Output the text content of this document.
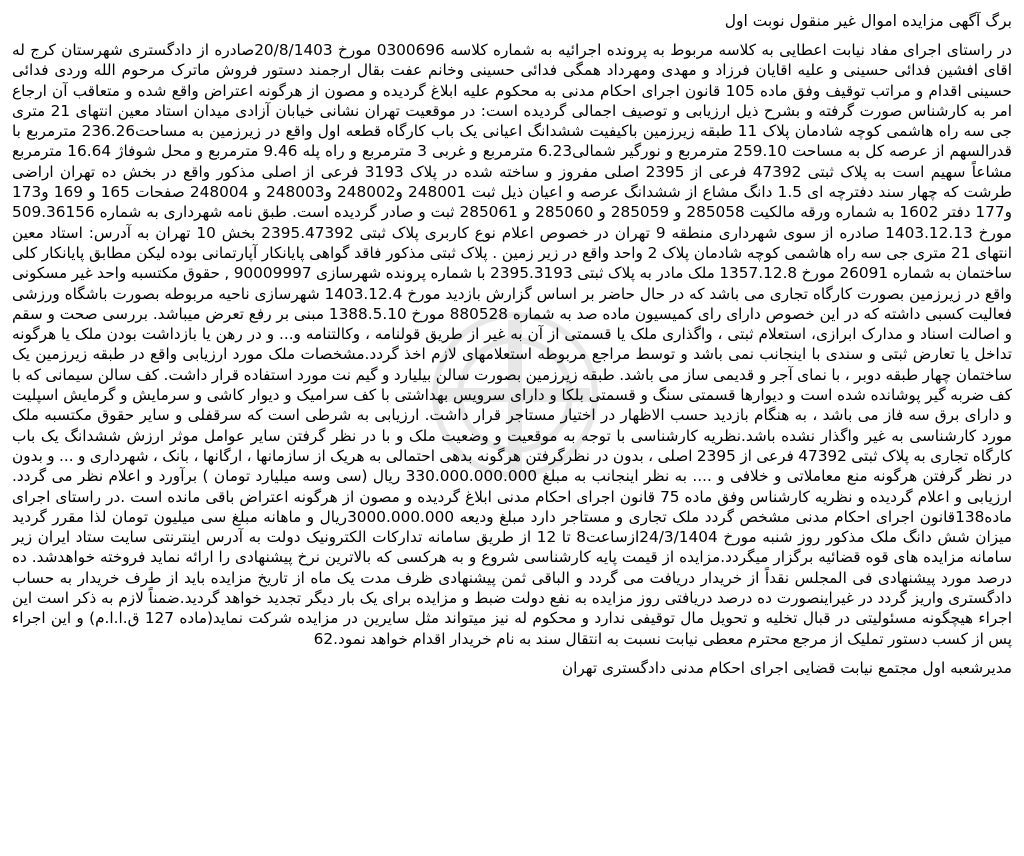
برگ آگهی مزایده اموال غیر منقول نوبت اول

در راستای اجرای مفاد نیابت اعطایی به کلاسه مربوط به پرونده اجرائیه به شماره کلاسه 0300696 مورخ 20/8/1403صادره از دادگستری شهرستان کرج له اقای افشین فدائی حسینی و علیه اقایان فرزاد و مهدی ومهرداد همگی فدائی حسینی وخانم عفت بقال ارجمند دستور فروش ماترک مرحوم الله وردی فدائی حسینی اقدام و مراتب توقیف وفق ماده 105 قانون اجرای احکام مدنی به محکوم علیه ابلاغ گردیده و مصون از هرگونه اعتراض واقع شده و متعاقب آن ارجاع امر به کارشناس صورت گرفته و بشرح ذیل ارزیابی و توصیف اجمالی گردیده است: در موقعیت تهران نشانی خیابان آزادی میدان استاد معین انتهای 21 متری جی سه راه هاشمی کوچه شادمان پلاک 11 طبقه زیرزمین باکیفیت ششدانگ اعیانی یک باب کارگاه قطعه اول واقع در زیرزمین به مساحت236.26 مترمربع با قدرالسهم از عرصه کل به مساحت 259.10 مترمربع و نورگیر شمالی6.23 مترمربع و غربی 3 مترمربع و راه پله 9.46 مترمربع و محل شوفاژ 16.64 مترمربع مشاعاً سهیم است به پلاک ثبتی 47392 فرعی از 2395 اصلی مفروز و ساخته شده در پلاک 3193 فرعی از اصلی مذکور واقع در بخش ده تهران اراضی طرشت که چهار سند دفترچه ای 1.5 دانگ مشاع از ششدانگ عرصه و اعیان ذیل ثبت 248001 و248002 و248003 و 248004 صفحات 165 و 169 و173 و177 دفتر 1602 به شماره ورقه مالکیت 285058 و 285059 و 285060 و 285061 ثبت و صادر گردیده است. طبق نامه شهرداری به شماره 509.36156 مورخ 1403.12.13 صادره از سوی شهرداری منطقه 9 تهران در خصوص اعلام نوع کاربری پلاک ثبتی 2395.47392 بخش 10 تهران به آدرس: استاد معین انتهای 21 متری جی سه راه هاشمی کوچه شادمان پلاک 2 واحد واقع در زیر زمین . پلاک ثبتی مذکور فاقد گواهی پایانکار آپارتمانی بوده لیکن مطابق پایانکار کلی ساختمان به شماره 26091 مورخ 1357.12.8 ملک مادر به پلاک ثبتی 2395.3193 با شماره پرونده شهرسازی 90009997 , حقوق مکتسبه واحد غیر مسکونی واقع در زیرزمین بصورت کارگاه تجاری می باشد که در حال حاضر بر اساس گزارش بازدید مورخ 1403.12.4 شهرسازی ناحیه مربوطه بصورت باشگاه ورزشی فعالیت کسبی داشته که در این خصوص دارای رای کمیسیون ماده صد به شماره 880528 مورخ 1388.5.10 مبنی بر رفع تعرض میباشد. بررسی صحت و سقم و اصالت اسناد و مدارک ابرازی، استعلام ثبتی ، واگذاری ملک یا قسمتی از آن به غیر از طریق قولنامه ، وکالتنامه و... و در رهن یا بازداشت بودن ملک یا هرگونه تداخل یا تعارض ثبتی و سندی با اینجانب نمی باشد و توسط مراجع مربوطه استعلامهای لازم اخذ گردد.مشخصات ملک مورد ارزیابی واقع در طبقه زیرزمین یک ساختمان چهار طبقه دوبر ، با نمای آجر و قدیمی ساز می باشد. طبقه زیرزمین بصورت سالن بیلیارد و گیم نت مورد استفاده قرار داشت. کف سالن سیمانی که با کف ضربه گیر پوشانده شده است و دیوارها قسمتی سنگ و قسمتی بلکا و دارای سرویس بهداشتی با کف سرامیک و دیوار کاشی و سرمایش و گرمایش اسپلیت و دارای برق سه فاز می باشد ، به هنگام بازدید حسب الاظهار در اختیار مستاجر قرار داشت. ارزیابی به شرطی است که سرقفلی و سایر حقوق مکتسبه ملک مورد کارشناسی به غیر واگذار نشده باشد.نظریه کارشناسی با توجه به موقعیت و وضعیت ملک و با در نظر گرفتن سایر عوامل موثر ارزش ششدانگ یک باب کارگاه تجاری به پلاک ثبتی 47392 فرعی از 2395 اصلی ، بدون در نظرگرفتن هرگونه بدهی احتمالی به هریک از سازمانها ، ارگانها ، بانک ، شهرداری و ... و بدون در نظر گرفتن هرگونه منع معاملاتی و خلافی و .... به نظر اینجانب به مبلغ 330.000.000.000 ریال (سی وسه میلیارد تومان ) برآورد و اعلام نظر می گردد. ارزیابی و اعلام گردیده و نظریه کارشناس وفق ماده 75 قانون اجرای احکام مدنی ابلاغ گردیده و مصون از هرگونه اعتراض باقی مانده است .در راستای اجرای ماده138قانون اجرای احکام مدنی مشخص گردد ملک تجاری و مستاجر دارد مبلغ ودیعه 3000.000.000ریال و ماهانه مبلغ سی میلیون تومان لذا مقرر گردید میزان شش دانگ ملک مذکور روز شنبه مورخ 24/3/1404ازساعت8 تا 12 از طریق سامانه تدارکات الکترونیک دولت به آدرس اینترنتی سایت ستاد ایران زیر سامانه مزایده های قوه قضائیه برگزار میگردد.مزایده از قیمت پایه کارشناسی شروع و به هرکسی که بالاترین نرخ پیشنهادی را ارائه نماید فروخته خواهدشد. ده درصد مورد پیشنهادی فی المجلس نقداً از خریدار دریافت می گردد و الباقی ثمن پیشنهادی ظرف مدت یک ماه از تاریخ مزایده باید از طرف خریدار به حساب دادگستری واریز گردد در غیراینصورت ده درصد دریافتی روز مزایده به نفع دولت ضبط و مزایده برای یک بار دیگر تجدید خواهد گردید.ضمناً لازم به ذکر است این اجراء هیچگونه مسئولیتی در قبال تخلیه و تحویل مال توقیفی ندارد و محکوم له نیز میتواند مثل سایرین در مزایده شرکت نماید(ماده 127 ق.ا.ا.م) و این اجراء پس از کسب دستور تملیک از مرجع محترم معطی نیابت نسبت به انتقال سند به نام خریدار اقدام خواهد نمود.62

مدیرشعبه اول مجتمع نیابت قضایی اجرای احکام مدنی دادگستری تهران
